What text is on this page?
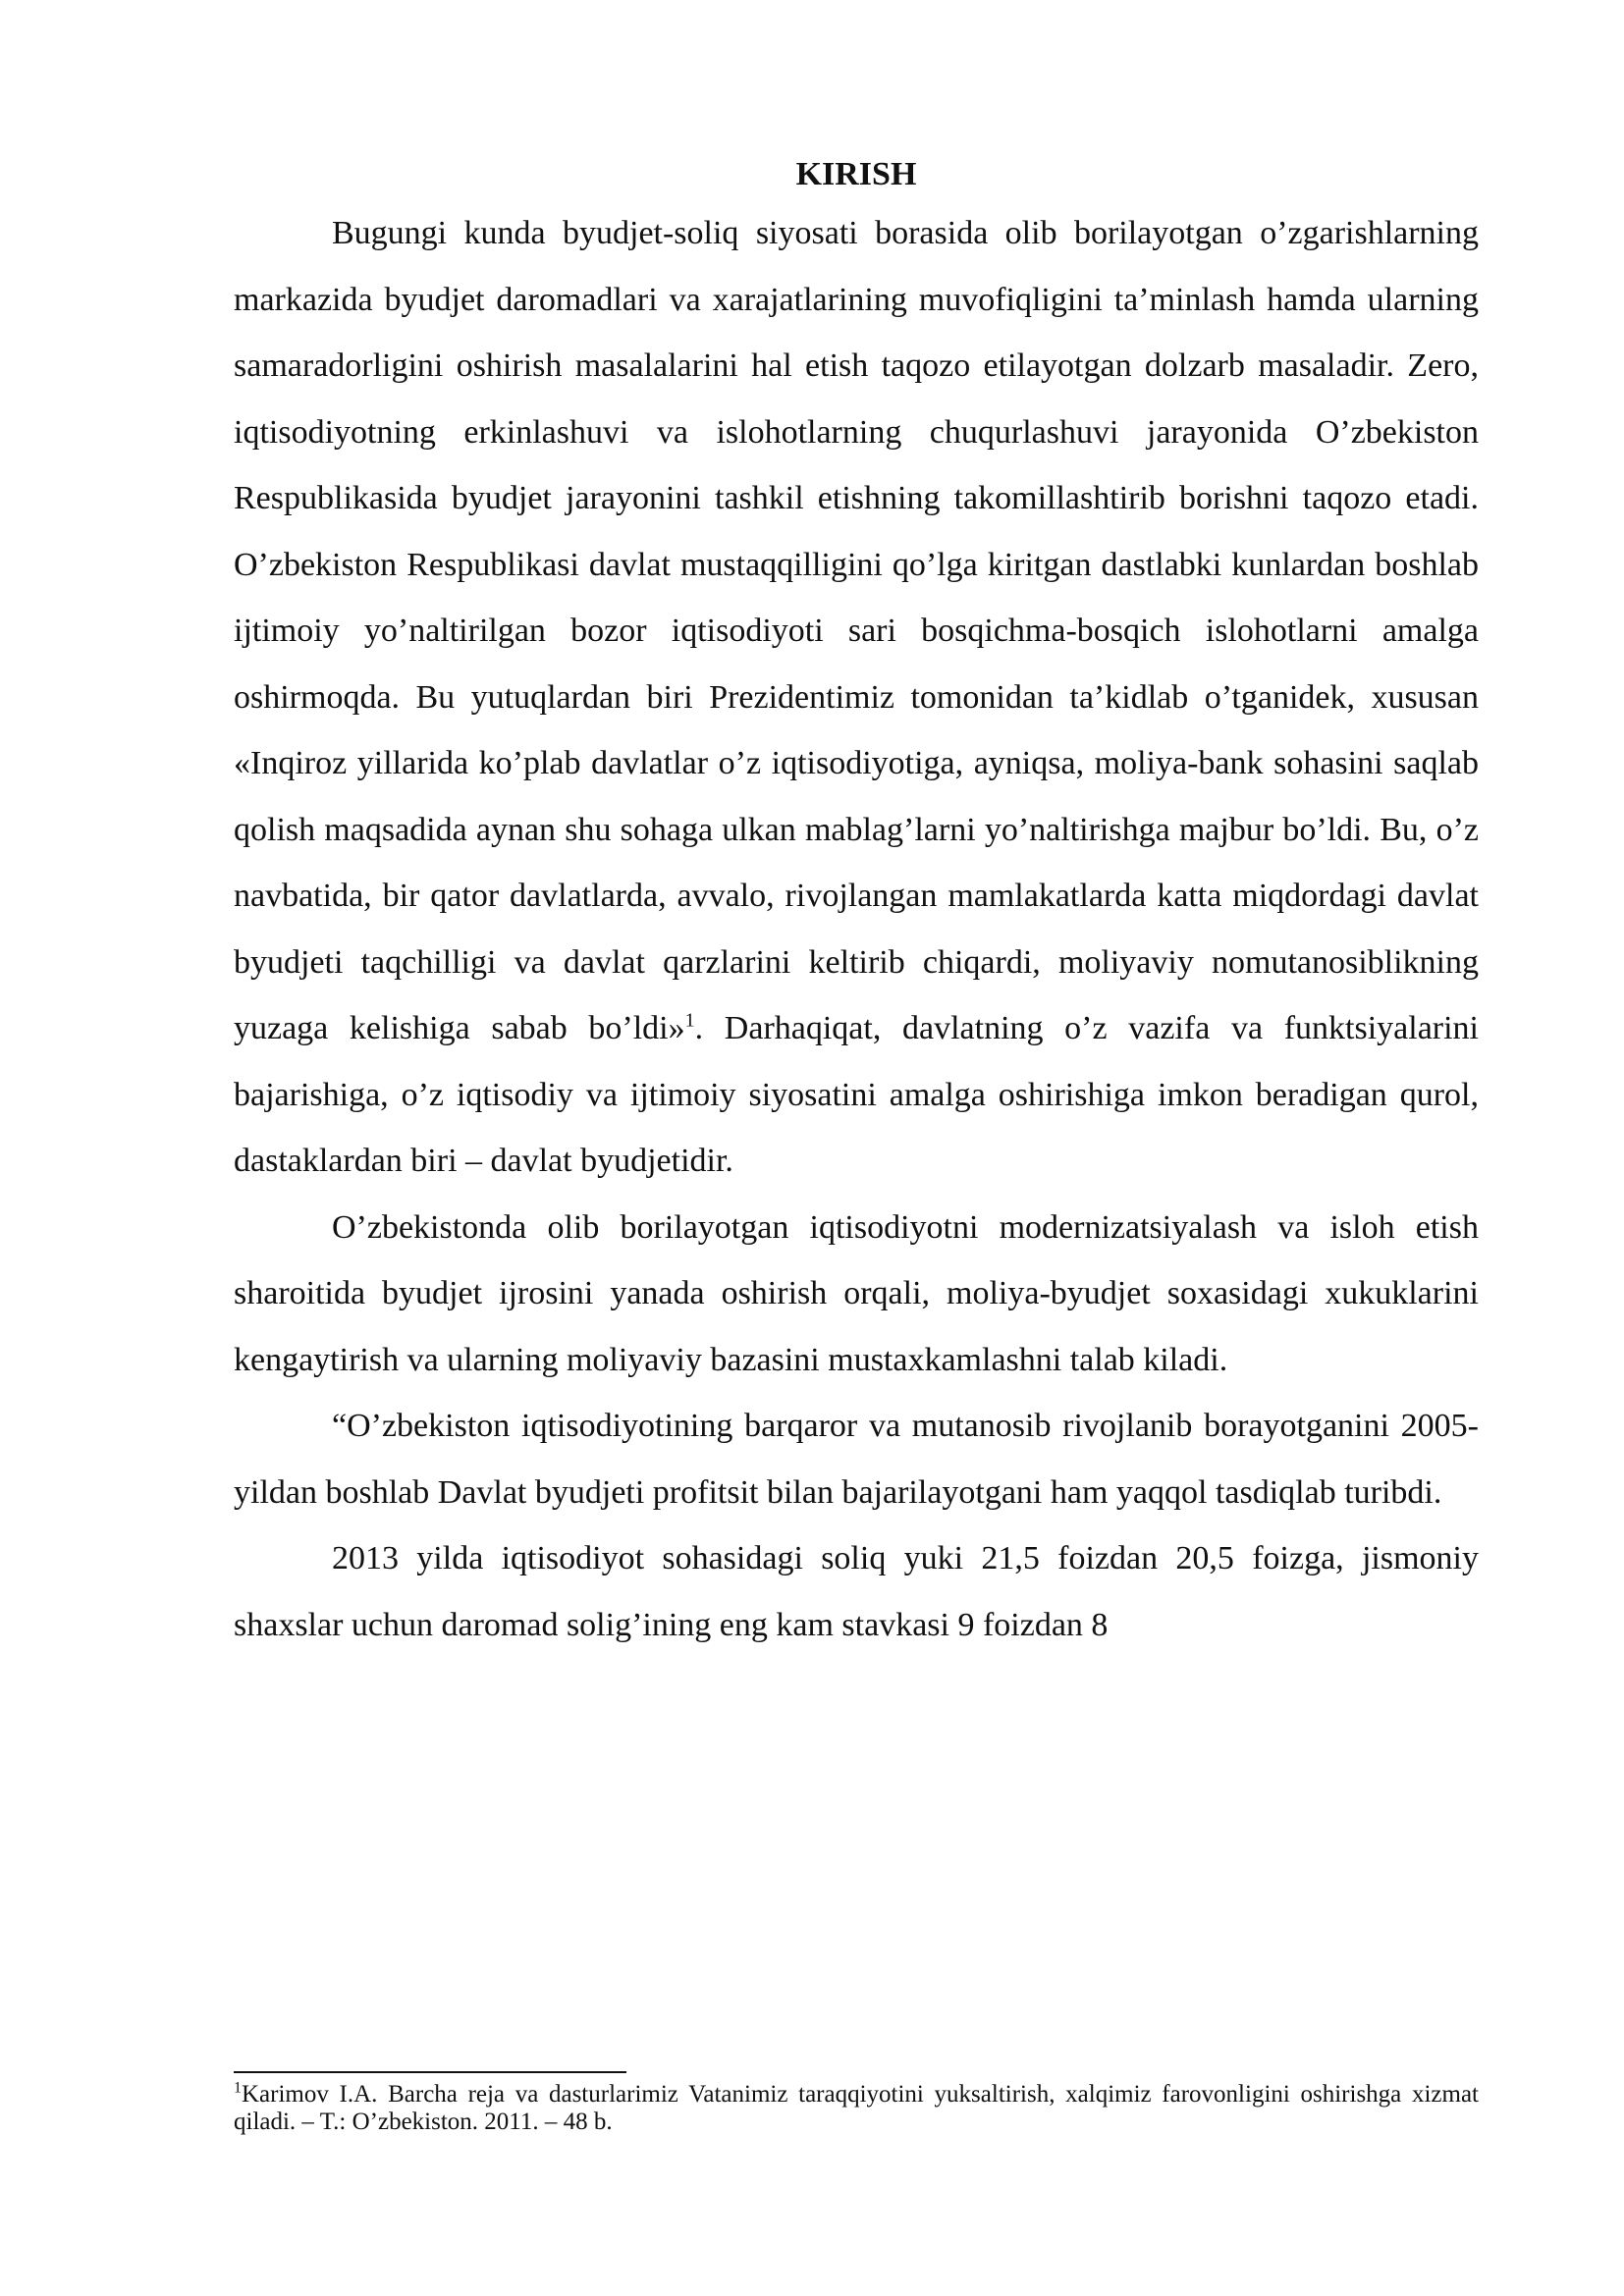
KIRISH

Bugungi kunda byudjet-soliq siyosati borasida olib borilayotgan o’zgarishlarning markazida byudjet daromadlari va xarajatlarining muvofiqligini ta’minlash hamda ularning samaradorligini oshirish masalalarini hal etish taqozo etilayotgan dolzarb masaladir. Zero, iqtisodiyotning erkinlashuvi va islohotlarning chuqurlashuvi jarayonida O’zbekiston Respublikasida byudjet jarayonini tashkil etishning takomillashtirib borishni taqozo etadi. O’zbekiston Respublikasi davlat mustaqqilligini qo’lga kiritgan dastlabki kunlardan boshlab ijtimoiy yo’naltirilgan bozor iqtisodiyoti sari bosqichma-bosqich islohotlarni amalga oshirmoqda. Bu yutuqlardan biri Prezidentimiz tomonidan ta’kidlab o’tganidek, xususan «Inqiroz yillarida ko’plab davlatlar o’z iqtisodiyotiga, ayniqsa, moliya-bank sohasini saqlab qolish maqsadida aynan shu sohaga ulkan mablag’larni yo’naltirishga majbur bo’ldi. Bu, o’z navbatida, bir qator davlatlarda, avvalo, rivojlangan mamlakatlarda katta miqdordagi davlat byudjeti taqchilligi va davlat qarzlarini keltirib chiqardi, moliyaviy nomutanosiblikning yuzaga kelishiga sabab bo’ldi»$^1$. Darhaqiqat, davlatning o’z vazifa va funktsiyalarini bajarishiga, o’z iqtisodiy va ijtimoiy siyosatini amalga oshirishiga imkon beradigan qurol, dastaklardan biri – davlat byudjetidir.

O’zbekistonda olib borilayotgan iqtisodiyotni modernizatsiyalash va isloh etish sharoitida byudjet ijrosini yanada oshirish orqali, moliya-byudjet soxasidagi xukuklarini kengaytirish va ularning moliyaviy bazasini mustaxkamlashni talab kiladi.

“O’zbekiston iqtisodiyotining barqaror va mutanosib rivojlanib borayotganini 2005-yildan boshlab Davlat byudjeti profitsit bilan bajarilayotgani ham yaqqol tasdiqlab turibdi.

2013 yilda iqtisodiyot sohasidagi soliq yuki 21,5 foizdan 20,5 foizga, jismoniy shaxslar uchun daromad solig’ining eng kam stavkasi 9 foizdan 8

$^1$Karimov I.A. Barcha reja va dasturlarimiz Vatanimiz taraqqiyotini yuksaltirish, xalqimiz farovonligini oshirishga xizmat qiladi. – T.: O’zbekiston. 2011. – 48 b.
